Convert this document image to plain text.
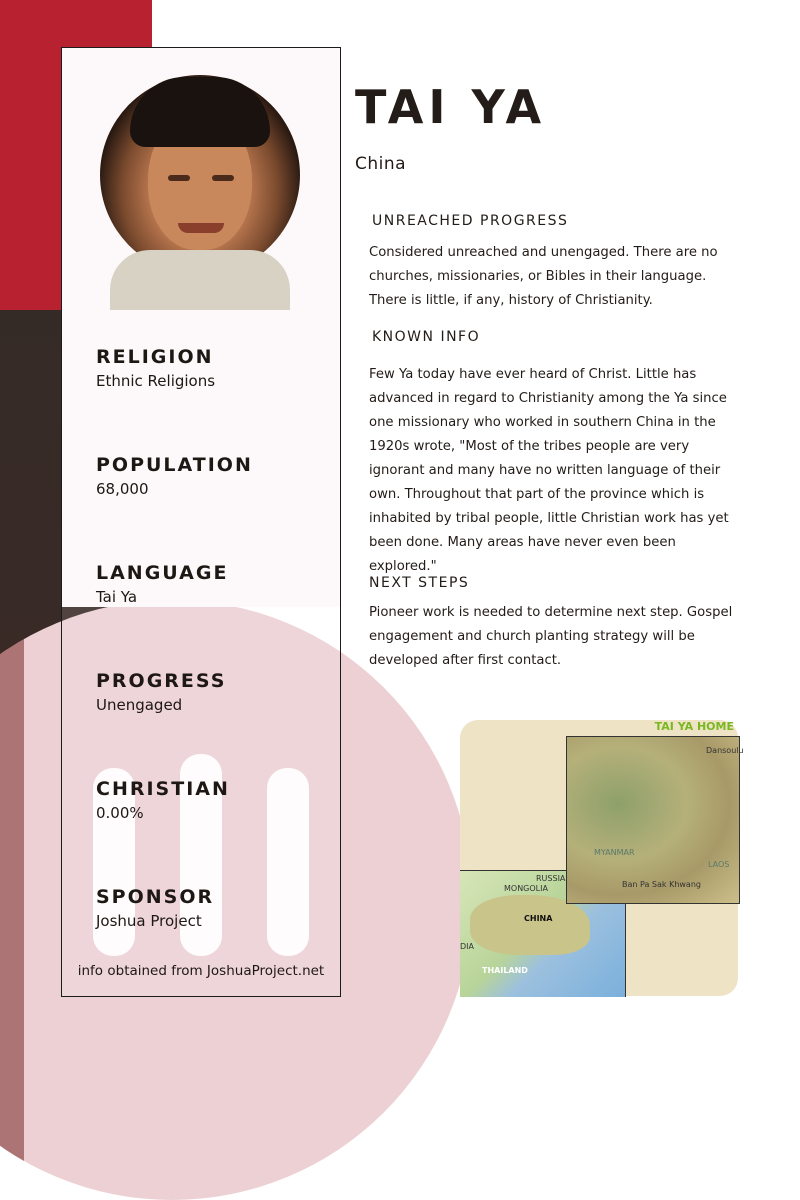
RELIGION
Ethnic Religions
POPULATION
68,000
LANGUAGE
Tai Ya
PROGRESS
Unengaged
CHRISTIAN
0.00%
SPONSOR
Joshua Project
info obtained from JoshuaProject.net
TAI YA
China
UNREACHED PROGRESS
Considered unreached and unengaged. There are no churches, missionaries, or Bibles in their language. There is little, if any, history of Christianity.
KNOWN INFO
Few Ya today have ever heard of Christ. Little has advanced in regard to Christianity among the Ya since one missionary who worked in southern China in the 1920s wrote, "Most of the tribes people are very ignorant and many have no written language of their own. Throughout that part of the province which is inhabited by tribal people, little Christian work has yet been done. Many areas have never even been explored."
NEXT STEPS
Pioneer work is needed to determine next step. Gospel engagement and church planting strategy will be developed after first contact.
TAI YA HOME
Dansoulu
MYANMAR
LAOS
Ban Pa Sak Khwang
RUSSIA
MONGOLIA
CHINA
DIA
THAILAND
